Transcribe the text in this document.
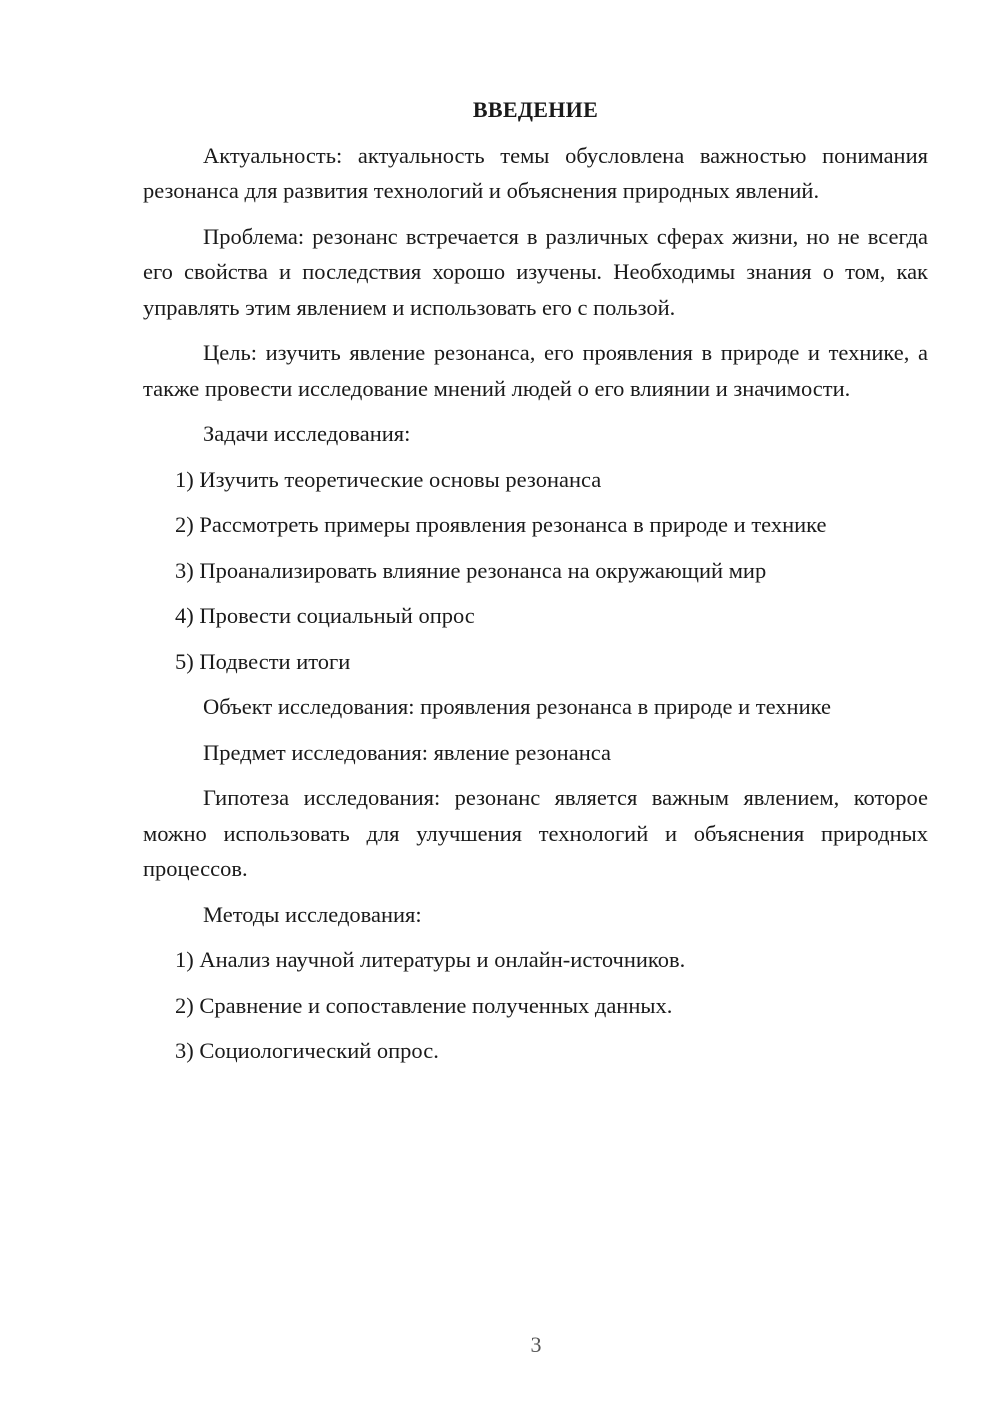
ВВЕДЕНИЕ

Актуальность: актуальность темы обусловлена важностью понимания резонанса для развития технологий и объяснения природных явлений.

Проблема: резонанс встречается в различных сферах жизни, но не всегда его свойства и последствия хорошо изучены. Необходимы знания о том, как управлять этим явлением и использовать его с пользой.

Цель: изучить явление резонанса, его проявления в природе и технике, а также провести исследование мнений людей о его влиянии и значимости.

Задачи исследования:
1) Изучить теоретические основы резонанса
2) Рассмотреть примеры проявления резонанса в природе и технике
3) Проанализировать влияние резонанса на окружающий мир
4) Провести социальный опрос
5) Подвести итоги
Объект исследования: проявления резонанса в природе и технике
Предмет исследования: явление резонанса

Гипотеза исследования: резонанс является важным явлением, которое можно использовать для улучшения технологий и объяснения природных процессов.

Методы исследования:
1) Анализ научной литературы и онлайн-источников.
2) Сравнение и сопоставление полученных данных.
3) Социологический опрос.
3
